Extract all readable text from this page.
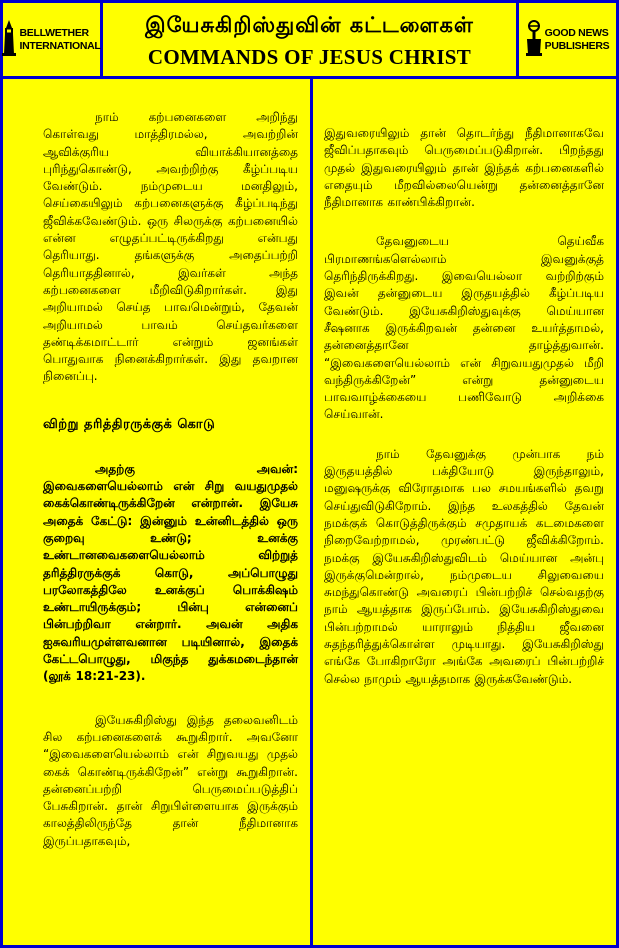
BELLWETHER
INTERNATIONAL
இயேசுகிறிஸ்துவின் கட்டளைகள்
COMMANDS OF JESUS CHRIST
GOOD NEWS
PUBLISHERS

நாம் கற்பனைகளை அறிந்து கொள்வது மாத்திரமல்ல, அவற்றின் ஆவிக்குரிய வியாக்கியானத்தை புரிந்துகொண்டு, அவற்றிற்கு கீழ்ப்படிய வேண்டும். நம்முடைய மனதிலும், செய்கையிலும் கற்பனைகளுக்கு கீழ்ப்படிந்து ஜீவிக்கவேண்டும். ஒரு சிலருக்கு கற்பனையில் என்ன எழுதப்பட்டிருக்கிறது என்பது தெரியாது. தங்களுக்கு அதைப்பற்றி தெரியாததினால், இவர்கள் அந்த கற்பனைகளை மீறிவிடுகிறார்கள். இது அறியாமல் செய்த பாவமென்றும், தேவன் அறியாமல் பாவம் செய்தவர்களை தண்டிக்கமாட்டார் என்றும் ஜனங்கள் பொதுவாக நினைக்கிறார்கள். இது தவறான நினைப்பு.

விற்று தரித்திரருக்குக் கொடு

அதற்கு அவன்: இவைகளையெல்லாம் என் சிறு வயதுமுதல் கைக்கொண்டிருக்கிறேன் என்றான். இயேசு அதைக் கேட்டு: இன்னும் உன்னிடத்தில் ஒரு குறைவு உண்டு; உனக்கு உண்டானவைகளையெல்லாம் விற்றுத் தரித்திரருக்குக் கொடு, அப்பொழுது பரலோகத்திலே உனக்குப் பொக்கிஷம் உண்டாயிருக்கும்; பின்பு என்னைப் பின்பற்றிவா என்றார். அவன் அதிக ஐசுவரியமுள்ளவனான படியினால், இதைக் கேட்டபொழுது, மிகுந்த துக்கமடைந்தான் (லூக் 18:21-23).

இயேசுகிறிஸ்து இந்த தலைவனிடம் சில கற்பனைகளைக் கூறுகிறார். அவனோ “இவைகளையெல்லாம் என் சிறுவயது முதல் கைக் கொண்டிருக்கிறேன்” என்று கூறுகிறான். தன்னைப்பற்றி பெருமைப்படுத்திப் பேசுகிறான். தான் சிறுபிள்ளையாக இருக்கும் காலத்திலிருந்தே தான் நீதிமானாக இருப்பதாகவும்,

இதுவரையிலும் தான் தொடர்ந்து நீதிமானாகவே ஜீவிப்பதாகவும் பெருமைப்படுகிறான். பிறந்தது முதல் இதுவரையிலும் தான் இந்தக் கற்பனைகளில் எதையும் மீறவில்லையென்று தன்னைத்தானே நீதிமானாக காண்பிக்கிறான்.

தேவனுடைய தெய்வீக பிரமாணங்களெல்லாம் இவனுக்குத் தெரிந்திருக்கிறது. இவையெல்லா வற்றிற்கும் இவன் தன்னுடைய இருதயத்தில் கீழ்ப்படிய வேண்டும். இயேசுகிறிஸ்துவுக்கு மெய்யான சீஷனாக இருக்கிறவன் தன்னை உயர்த்தாமல், தன்னைத்தானே தாழ்த்துவான். “இவைகளையெல்லாம் என் சிறுவயதுமுதல் மீறி வந்திருக்கிறேன்” என்று தன்னுடைய பாவவாழ்க்கையை பணிவோடு அறிக்கை செய்வான்.

நாம் தேவனுக்கு முன்பாக நம் இருதயத்தில் பக்தியோடு இருந்தாலும், மனுஷருக்கு விரோதமாக பல சமயங்களில் தவறு செய்துவிடுகிறோம். இந்த உலகத்தில் தேவன் நமக்குக் கொடுத்திருக்கும் சமுதாயக் கடமைகளை நிறைவேற்றாமல், முரண்பட்டு ஜீவிக்கிறோம். நமக்கு இயேசுகிறிஸ்துவிடம் மெய்யான அன்பு இருக்குமென்றால், நம்முடைய சிலுவையை சுமந்துகொண்டு அவரைப் பின்பற்றிச் செல்வதற்கு நாம் ஆயத்தாக இருப்போம். இயேசுகிறிஸ்துவை பின்பற்றாமல் யாராலும் நித்திய ஜீவனை சுதந்தரித்துக்கொள்ள முடியாது. இயேசுகிறிஸ்து எங்கே போகிறாரோ அங்கே அவரைப் பின்பற்றிச் செல்ல நாமும் ஆயத்தமாக இருக்கவேண்டும்.
